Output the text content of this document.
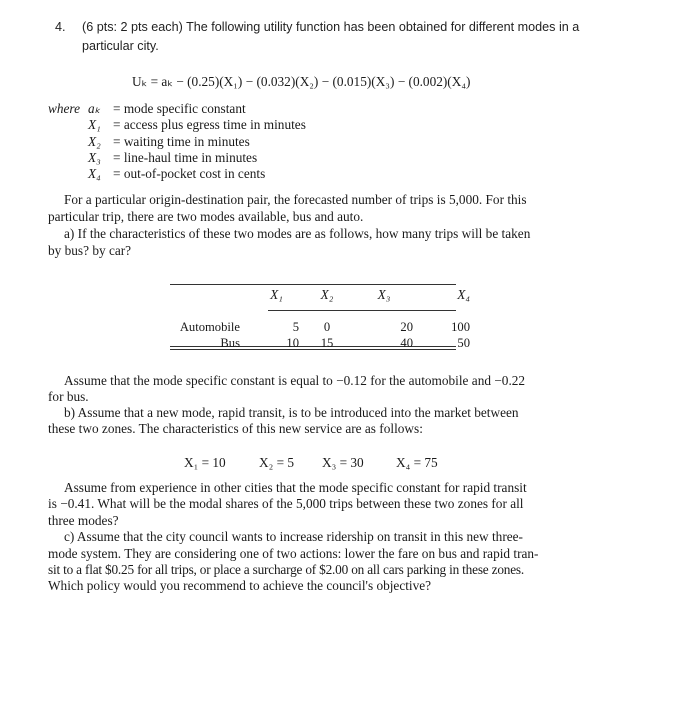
4. (6 pts: 2 pts each) The following utility function has been obtained for different modes in a
particular city.
Uₖ = aₖ − (0.25)(X₁) − (0.032)(X₂) − (0.015)(X₃) − (0.002)(X₄)
where aₖ = mode specific constant
X₁ = access plus egress time in minutes
X₂ = waiting time in minutes
X₃ = line-haul time in minutes
X₄ = out-of-pocket cost in cents
For a particular origin-destination pair, the forecasted number of trips is 5,000. For this
particular trip, there are two modes available, bus and auto.
a) If the characteristics of these two modes are as follows, how many trips will be taken
by bus? by car?
	X₁	X₂	X₃	X₄

Automobile	5	0	20	100
Bus	10	15	40	50
Assume that the mode specific constant is equal to −0.12 for the automobile and −0.22
for bus.
b) Assume that a new mode, rapid transit, is to be introduced into the market between
these two zones. The characteristics of this new service are as follows:
X₁ = 10	X₂ = 5 X₃ = 30 X₄ = 75
Assume from experience in other cities that the mode specific constant for rapid transit
is −0.41. What will be the modal shares of the 5,000 trips between these two zones for all
three modes?
c) Assume that the city council wants to increase ridership on transit in this new three-
mode system. They are considering one of two actions: lower the fare on bus and rapid tran-
sit to a flat $0.25 for all trips, or place a surcharge of $2.00 on all cars parking in these zones.
Which policy would you recommend to achieve the council's objective?
